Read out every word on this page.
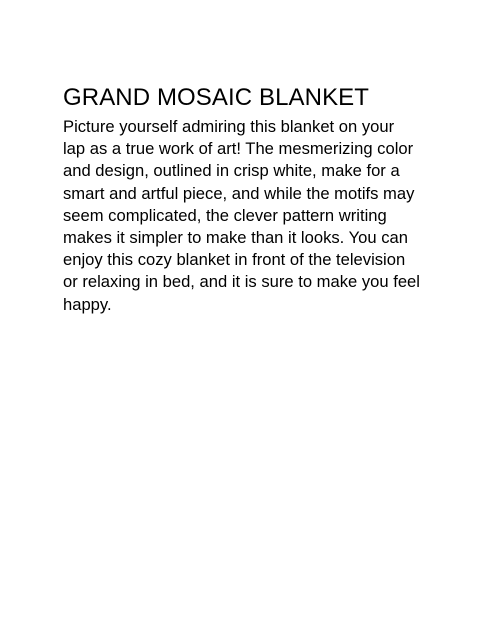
GRAND MOSAIC BLANKET

Picture yourself admiring this blanket on your
lap as a true work of art! The mesmerizing color
and design, outlined in crisp white, make for a
smart and artful piece, and while the motifs may
seem complicated, the clever pattern writing
makes it simpler to make than it looks. You can
enjoy this cozy blanket in front of the television
or relaxing in bed, and it is sure to make you feel
happy.
